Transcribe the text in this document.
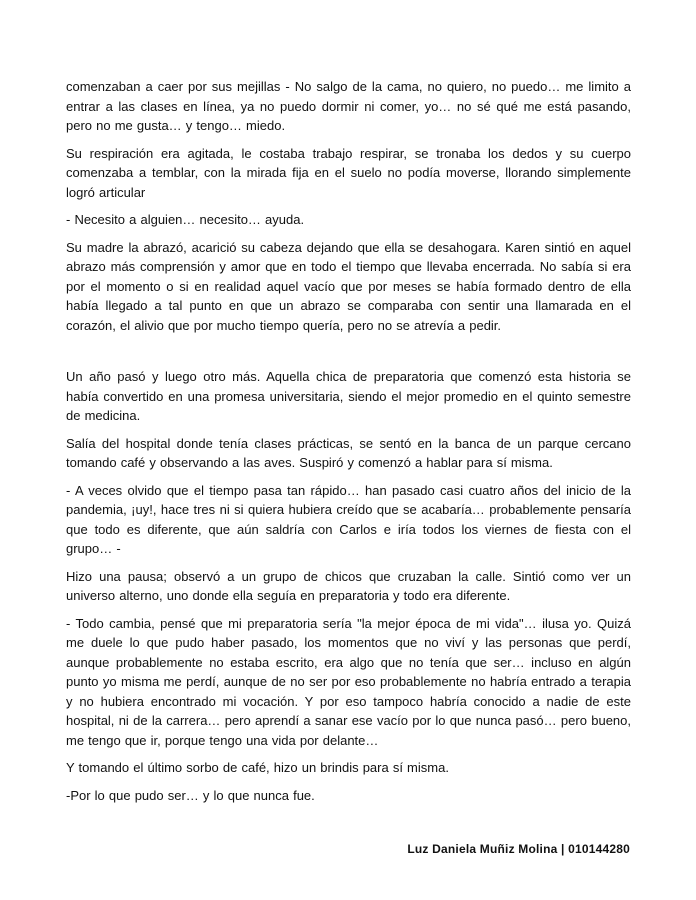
comenzaban a caer por sus mejillas - No salgo de la cama, no quiero, no puedo… me limito a entrar a las clases en línea, ya no puedo dormir ni comer, yo… no sé qué me está pasando, pero no me gusta… y tengo… miedo.

Su respiración era agitada, le costaba trabajo respirar, se tronaba los dedos y su cuerpo comenzaba a temblar, con la mirada fija en el suelo no podía moverse, llorando simplemente logró articular

- Necesito a alguien… necesito… ayuda.

Su madre la abrazó, acarició su cabeza dejando que ella se desahogara. Karen sintió en aquel abrazo más comprensión y amor que en todo el tiempo que llevaba encerrada. No sabía si era por el momento o si en realidad aquel vacío que por meses se había formado dentro de ella había llegado a tal punto en que un abrazo se comparaba con sentir una llamarada en el corazón, el alivio que por mucho tiempo quería, pero no se atrevía a pedir.

Un año pasó y luego otro más. Aquella chica de preparatoria que comenzó esta historia se había convertido en una promesa universitaria, siendo el mejor promedio en el quinto semestre de medicina.

Salía del hospital donde tenía clases prácticas, se sentó en la banca de un parque cercano tomando café y observando a las aves. Suspiró y comenzó a hablar para sí misma.

- A veces olvido que el tiempo pasa tan rápido… han pasado casi cuatro años del inicio de la pandemia, ¡uy!, hace tres ni si quiera hubiera creído que se acabaría… probablemente pensaría que todo es diferente, que aún saldría con Carlos e iría todos los viernes de fiesta con el grupo… -

Hizo una pausa; observó a un grupo de chicos que cruzaban la calle. Sintió como ver un universo alterno, uno donde ella seguía en preparatoria y todo era diferente.

- Todo cambia, pensé que mi preparatoria sería "la mejor época de mi vida"… ilusa yo. Quizá me duele lo que pudo haber pasado, los momentos que no viví y las personas que perdí, aunque probablemente no estaba escrito, era algo que no tenía que ser… incluso en algún punto yo misma me perdí, aunque de no ser por eso probablemente no habría entrado a terapia y no hubiera encontrado mi vocación. Y por eso tampoco habría conocido a nadie de este hospital, ni de la carrera… pero aprendí a sanar ese vacío por lo que nunca pasó… pero bueno, me tengo que ir, porque tengo una vida por delante…

Y tomando el último sorbo de café, hizo un brindis para sí misma.

-Por lo que pudo ser… y lo que nunca fue.

Luz Daniela Muñiz Molina | 010144280
